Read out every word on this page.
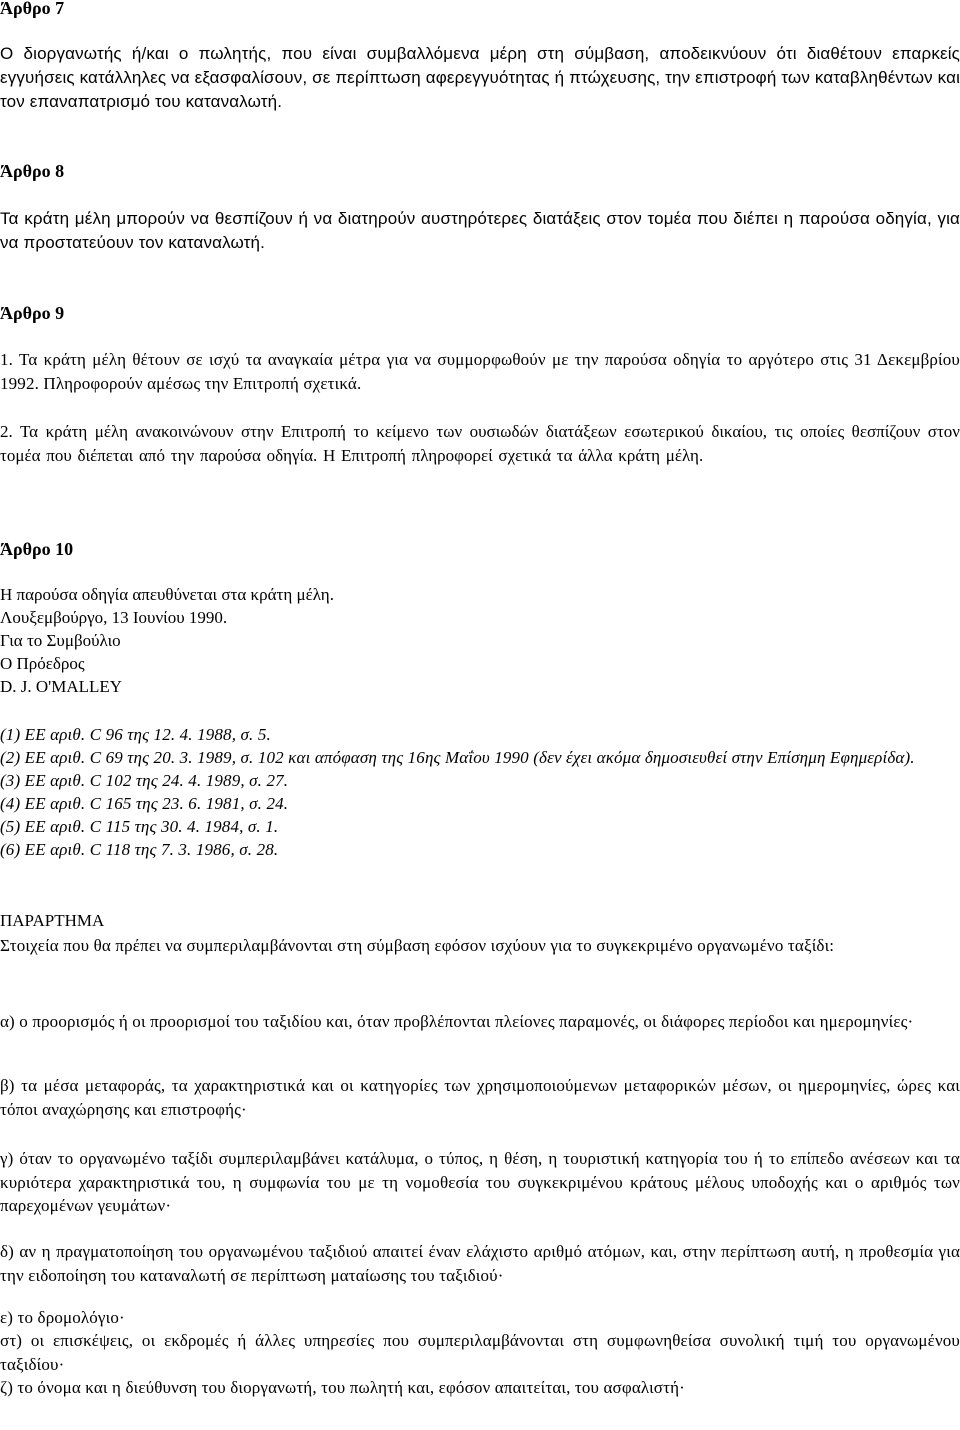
Άρθρο 7

Ο διοργανωτής ή/και ο πωλητής, που είναι συμβαλλόμενα μέρη στη σύμβαση, αποδεικνύουν ότι διαθέτουν επαρκείς εγγυήσεις κατάλληλες να εξασφαλίσουν, σε περίπτωση αφερεγγυότητας ή πτώχευσης, την επιστροφή των καταβληθέντων και τον επαναπατρισμό του καταναλωτή.

Άρθρο 8

Τα κράτη μέλη μπορούν να θεσπίζουν ή να διατηρούν αυστηρότερες διατάξεις στον τομέα που διέπει η παρούσα οδηγία, για να προστατεύουν τον καταναλωτή.

Άρθρο 9

1. Τα κράτη μέλη θέτουν σε ισχύ τα αναγκαία μέτρα για να συμμορφωθούν με την παρούσα οδηγία το αργότερο στις 31 Δεκεμβρίου 1992. Πληροφορούν αμέσως την Επιτροπή σχετικά.

2. Τα κράτη μέλη ανακοινώνουν στην Επιτροπή το κείμενο των ουσιωδών διατάξεων εσωτερικού δικαίου, τις οποίες θεσπίζουν στον τομέα που διέπεται από την παρούσα οδηγία. Η Επιτροπή πληροφορεί σχετικά τα άλλα κράτη μέλη.

Άρθρο 10

Η παρούσα οδηγία απευθύνεται στα κράτη μέλη.

Λουξεμβούργο, 13 Ιουνίου 1990.

Για το Συμβούλιο

Ο Πρόεδρος

D. J. O'MALLEY

(1) ΕΕ αριθ. C 96 της 12. 4. 1988, σ. 5.

(2) ΕΕ αριθ. C 69 της 20. 3. 1989, σ. 102 και απόφαση της 16ης Μαΐου 1990 (δεν έχει ακόμα δημοσιευθεί στην Επίσημη Εφημερίδα).

(3) ΕΕ αριθ. C 102 της 24. 4. 1989, σ. 27.

(4) ΕΕ αριθ. C 165 της 23. 6. 1981, σ. 24.

(5) ΕΕ αριθ. C 115 της 30. 4. 1984, σ. 1.

(6) ΕΕ αριθ. C 118 της 7. 3. 1986, σ. 28.

ΠΑΡΑΡΤΗΜΑ

Στοιχεία που θα πρέπει να συμπεριλαμβάνονται στη σύμβαση εφόσον ισχύουν για το συγκεκριμένο οργανωμένο ταξίδι:

α) ο προορισμός ή οι προορισμοί του ταξιδίου και, όταν προβλέπονται πλείονες παραμονές, οι διάφορες περίοδοι και ημερομηνίες·

β) τα μέσα μεταφοράς, τα χαρακτηριστικά και οι κατηγορίες των χρησιμοποιούμενων μεταφορικών μέσων, οι ημερομηνίες, ώρες και τόποι αναχώρησης και επιστροφής·

γ) όταν το οργανωμένο ταξίδι συμπεριλαμβάνει κατάλυμα, ο τύπος, η θέση, η τουριστική κατηγορία του ή το επίπεδο ανέσεων και τα κυριότερα χαρακτηριστικά του, η συμφωνία του με τη νομοθεσία του συγκεκριμένου κράτους μέλους υποδοχής και ο αριθμός των παρεχομένων γευμάτων·

δ) αν η πραγματοποίηση του οργανωμένου ταξιδιού απαιτεί έναν ελάχιστο αριθμό ατόμων, και, στην περίπτωση αυτή, η προθεσμία για την ειδοποίηση του καταναλωτή σε περίπτωση ματαίωσης του ταξιδιού·

ε) το δρομολόγιο·

στ) οι επισκέψεις, οι εκδρομές ή άλλες υπηρεσίες που συμπεριλαμβάνονται στη συμφωνηθείσα συνολική τιμή του οργανωμένου ταξιδίου·

ζ) το όνομα και η διεύθυνση του διοργανωτή, του πωλητή και, εφόσον απαιτείται, του ασφαλιστή·
